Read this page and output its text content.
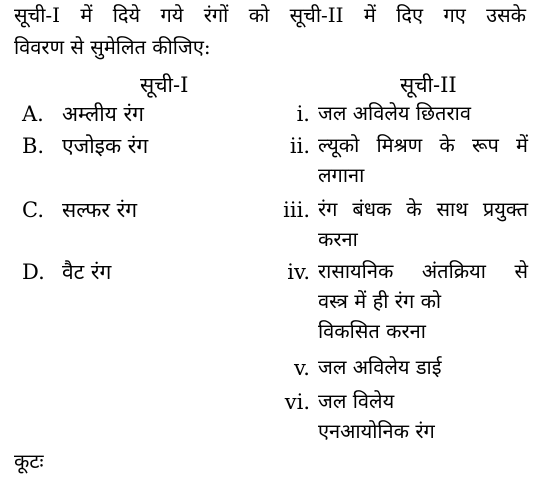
सूची-I में दिये गये रंगों को सूची-II में दिए गए उसके
विवरण से सुमेलित कीजिए:
सूची-I	सूची-II
A. अम्लीय रंग
B. एजोइक रंग
C. सल्फर रंग
D. वैट रंग
i. जल अविलेय छितराव
ii. ल्यूको मिश्रण के रूप में
लगाना
iii. रंग बंधक के साथ प्रयुक्त
करना
iv. रासायनिक अंतक्रिया से
वस्त्र में ही रंग को
विकसित करना
v. जल अविलेय डाई
vi. जल विलेय
एनआयोनिक रंग
कूटः
